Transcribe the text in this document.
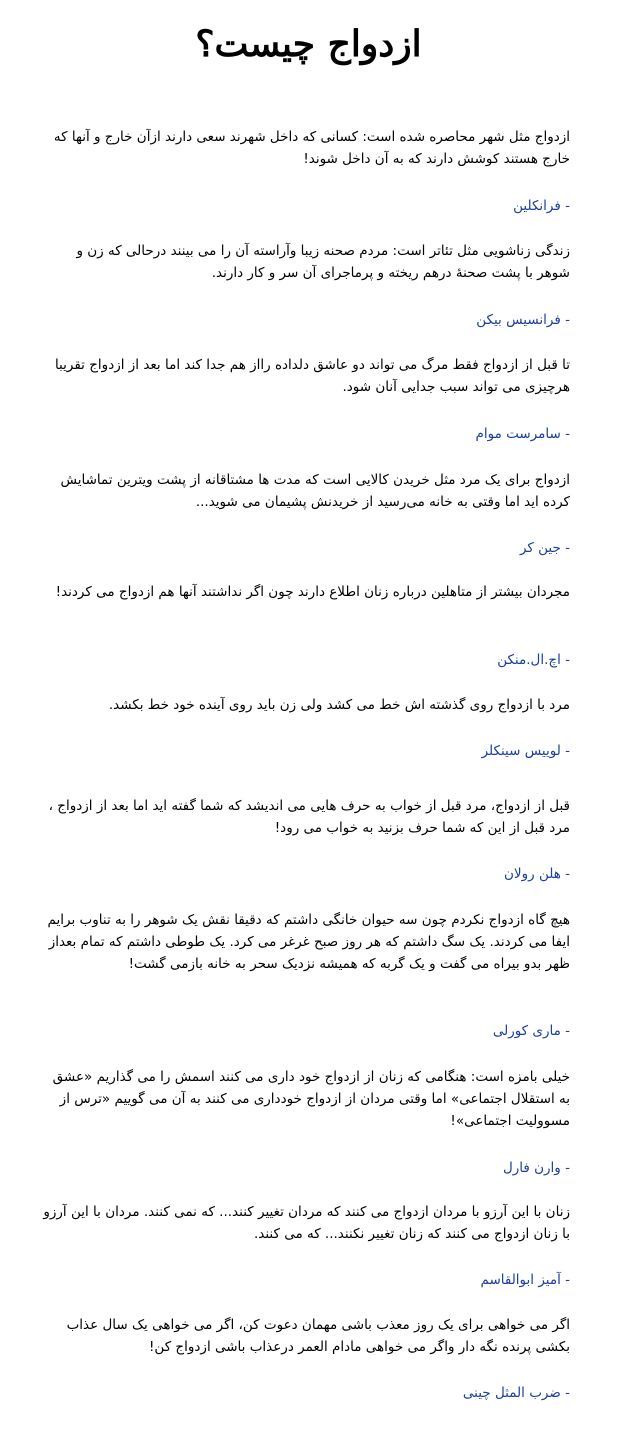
ازدواج چیست؟

ازدواج مثل شهر محاصره شده است: کسانی که داخل شهرند سعی دارند ازآن خارج و آنها که خارج هستند کوشش دارند که به آن داخل شوند!

- فرانکلین

زندگی زناشویی مثل تئاتر است: مردم صحنه زیبا وآراسته آن را می بینند درحالی که زن و شوهر با پشت صحنهٔ درهم ریخته و پرماجرای آن سر و کار دارند.

- فرانسیس بیکن

تا قبل از ازدواج فقط مرگ می تواند دو عاشق دلداده رااز هم جدا کند اما بعد از ازدواج تقریبا هرچیزی می تواند سبب جدایی آنان شود.

- سامرست موام

ازدواج برای یک مرد مثل خریدن کالایی است که مدت ها مشتاقانه از پشت ویترین تماشایش کرده اید اما وقتی به خانه می‌رسید از خریدنش پشیمان می شوید...

- جین کر

مجردان بیشتر از متاهلین درباره زنان اطلاع دارند چون اگر نداشتند آنها هم ازدواج می کردند!

- اچ.ال.منکن

مرد با ازدواج روی گذشته اش خط می کشد ولی زن باید روی آینده خود خط بکشد.

- لوییس سینکلر

قبل از ازدواج، مرد قبل از خواب به حرف هایی می اندیشد که شما گفته اید اما بعد از ازدواج ، مرد قبل از این که شما حرف بزنید به خواب می رود!

- هلن رولان

هیچ گاه ازدواج نکردم چون سه حیوان خانگی داشتم که دقیقا نقش یک شوهر را به تناوب برایم ایفا می کردند. یک سگ داشتم که هر روز صبح غرغر می کرد. یک طوطی داشتم که تمام بعداز ظهر بدو بیراه می گفت و یک گربه که همیشه نزدیک سحر به خانه بازمی گشت!

- ماری کورلی

خیلی بامزه است: هنگامی که زنان از ازدواج خود داری می کنند اسمش را می گذاریم «عشق به استقلال اجتماعی» اما وقتی مردان از ازدواج خودداری می کنند به آن می گوییم «ترس از مسوولیت اجتماعی»!

- وارن فارل

زنان با این آرزو با مردان ازدواج می کنند که مردان تغییر کنند... که نمی کنند. مردان با این آرزو با زنان ازدواج می کنند که زنان تغییر نکنند... که می کنند.

- آمیز ابوالقاسم

اگر می خواهی برای یک روز معذب باشی مهمان دعوت کن، اگر می خواهی یک سال عذاب بکشی پرنده نگه دار واگر می خواهی مادام العمر درعذاب باشی ازدواج کن!

- ضرب المثل چینی
